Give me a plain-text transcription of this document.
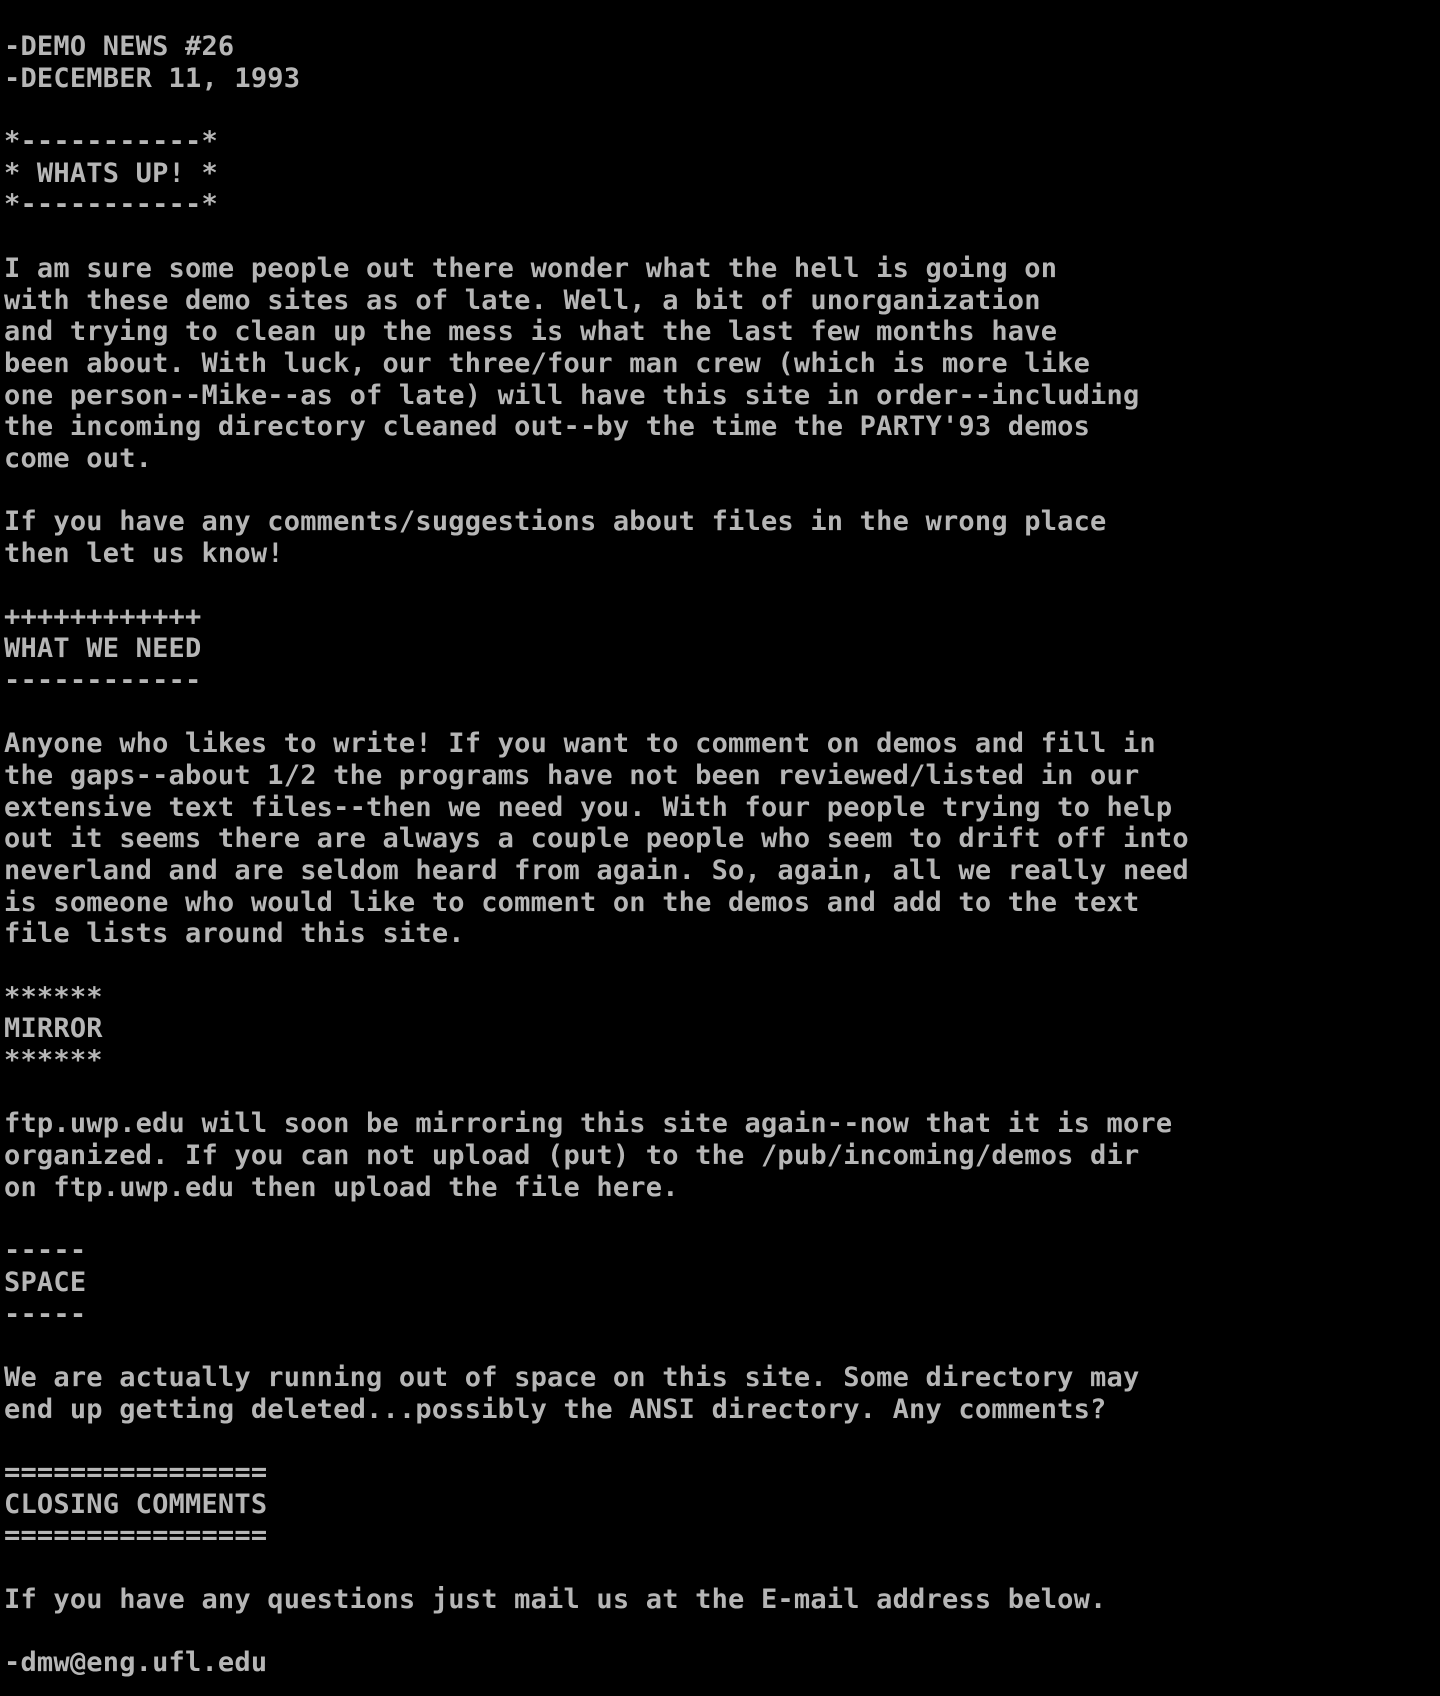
-DEMO NEWS #26
-DECEMBER 11, 1993
*-----------*
* WHATS UP! *
*-----------*
I am sure some people out there wonder what the hell is going on
with these demo sites as of late. Well, a bit of unorganization
and trying to clean up the mess is what the last few months have
been about. With luck, our three/four man crew (which is more like
one person--Mike--as of late) will have this site in order--including
the incoming directory cleaned out--by the time the PARTY'93 demos
come out.
If you have any comments/suggestions about files in the wrong place
then let us know!
++++++++++++
WHAT WE NEED
------------
Anyone who likes to write! If you want to comment on demos and fill in
the gaps--about 1/2 the programs have not been reviewed/listed in our
extensive text files--then we need you. With four people trying to help
out it seems there are always a couple people who seem to drift off into
neverland and are seldom heard from again. So, again, all we really need
is someone who would like to comment on the demos and add to the text
file lists around this site.
******
MIRROR
******
ftp.uwp.edu will soon be mirroring this site again--now that it is more
organized. If you can not upload (put) to the /pub/incoming/demos dir
on ftp.uwp.edu then upload the file here.
-----
SPACE
-----
We are actually running out of space on this site. Some directory may
end up getting deleted...possibly the ANSI directory. Any comments?
================
CLOSING COMMENTS
================
If you have any questions just mail us at the E-mail address below.
-dmw@eng.ufl.edu
